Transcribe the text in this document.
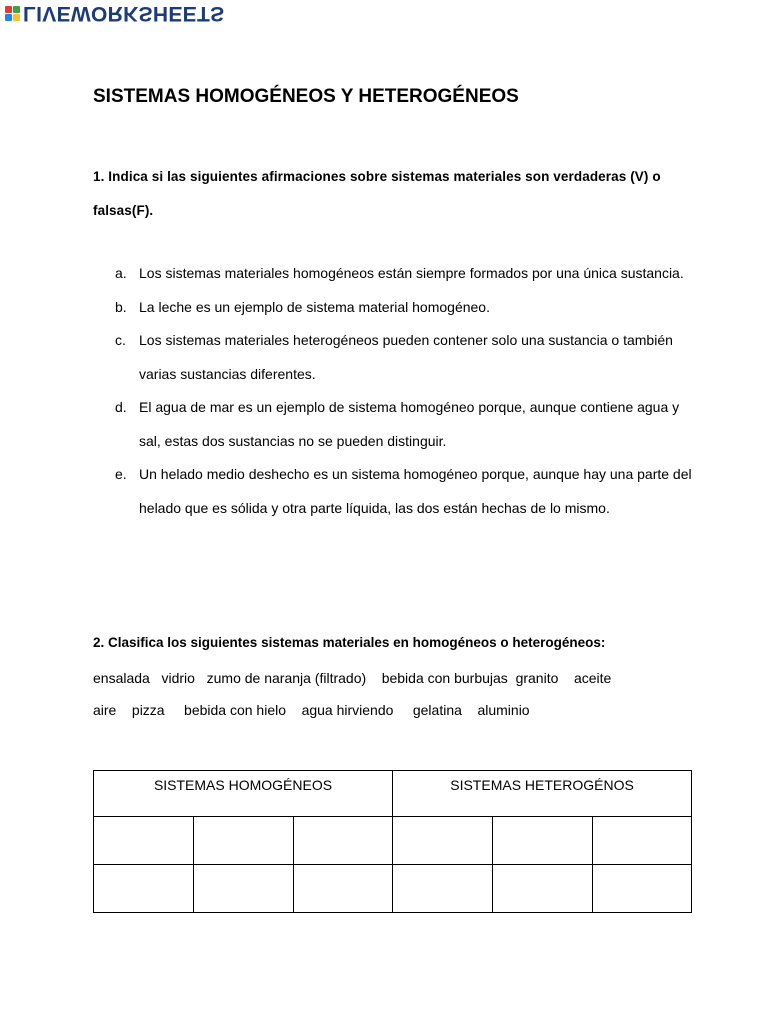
LIVEWORKSHEETS
SISTEMAS HOMOGÉNEOS Y HETEROGÉNEOS
1. Indica si las siguientes afirmaciones sobre sistemas materiales son verdaderas (V) o falsas(F).
a. Los sistemas materiales homogéneos están siempre formados por una única sustancia.
b. La leche es un ejemplo de sistema material homogéneo.
c. Los sistemas materiales heterogéneos pueden contener solo una sustancia o también varias sustancias diferentes.
d. El agua de mar es un ejemplo de sistema homogéneo porque, aunque contiene agua y sal, estas dos sustancias no se pueden distinguir.
e. Un helado medio deshecho es un sistema homogéneo porque, aunque hay una parte del helado que es sólida y otra parte líquida, las dos están hechas de lo mismo.
2. Clasifica los siguientes sistemas materiales en homogéneos o heterogéneos:
ensalada   vidrio   zumo de naranja (filtrado)    bebida con burbujas  granito    aceite
aire    pizza     bebida con hielo    agua hirviendo     gelatina    aluminio
SISTEMAS HOMOGÉNEOS			SISTEMAS HETEROGÉNOS		
